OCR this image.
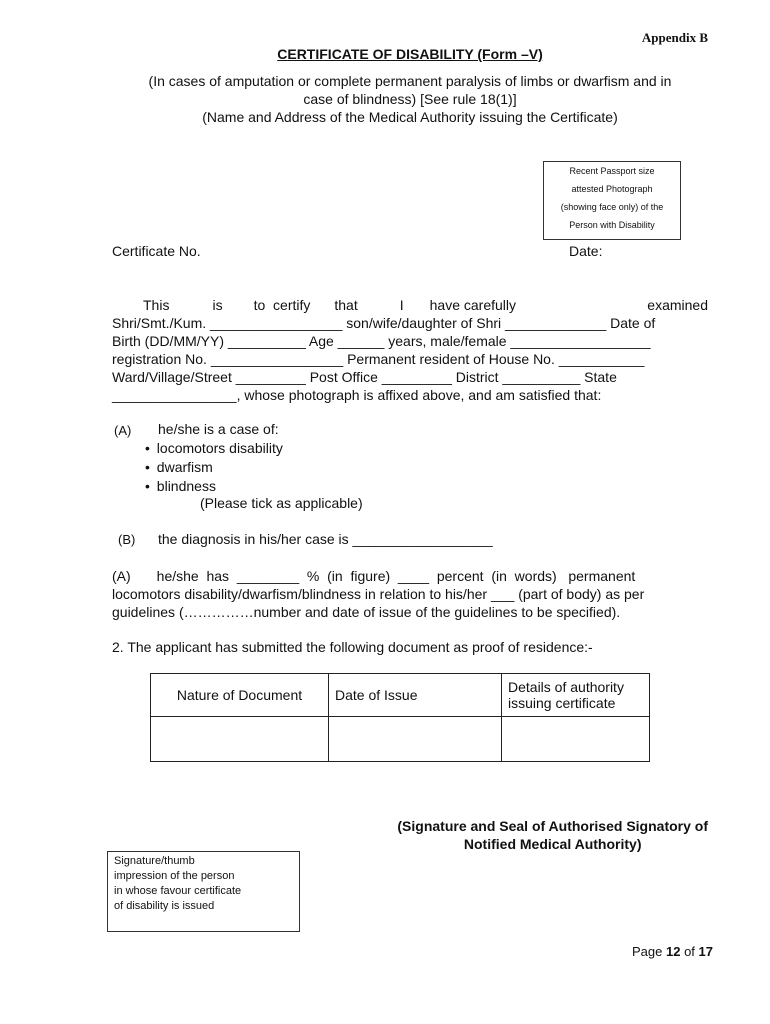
Appendix B
CERTIFICATE OF DISABILITY (Form –V)
(In cases of amputation or complete permanent paralysis of limbs or dwarfism and in
case of blindness) [See rule 18(1)]
(Name and Address of the Medical Authority issuing the Certificate)
Recent Passport size
attested Photograph
(showing face only) of the
Person with Disability
Certificate No.	Date:
This	is to  certify that	I have carefully	examined
Shri/Smt./Kum. _________________ son/wife/daughter of Shri _____________ Date of
Birth (DD/MM/YY) __________ Age ______ years, male/female __________________
registration No. _________________ Permanent resident of House No. ___________
Ward/Village/Street _________ Post Office _________ District __________ State
________________, whose photograph is affixed above, and am satisfied that:
(A) he/she is a case of:
• locomotors disability
• dwarfism
• blindness
(Please tick as applicable)
(B) the diagnosis in his/her case is __________________
(A) he/she  has  ________  %  (in  figure)  ____  percent  (in  words)   permanent
locomotors disability/dwarfism/blindness in relation to his/her ___ (part of body) as per
guidelines (……………number and date of issue of the guidelines to be specified).
2. The applicant has submitted the following document as proof of residence:-
Nature of Document	Date of Issue	Details of authority issuing certificate

(Signature and Seal of Authorised Signatory of
Notified Medical Authority)
Signature/thumb
impression of the person
in whose favour certificate
of disability is issued
Page 12 of 17
